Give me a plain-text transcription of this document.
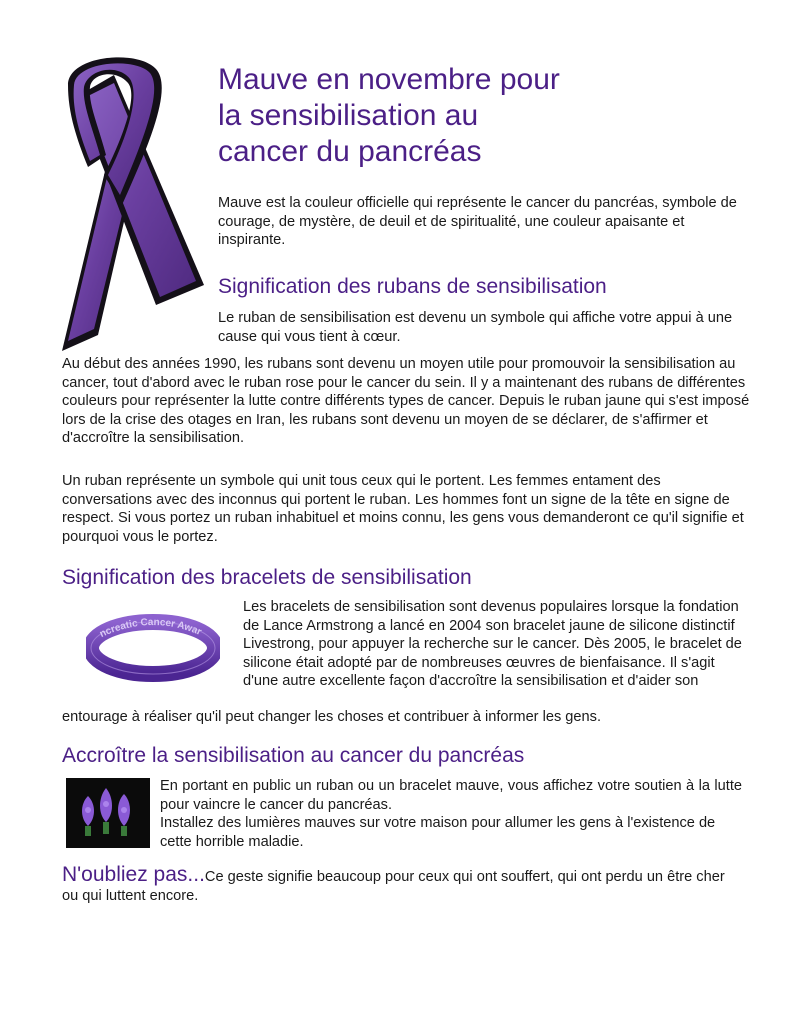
Mauve en novembre pour
la sensibilisation au
cancer du pancréas

Mauve est la couleur officielle qui représente le cancer du pancréas, symbole de courage, de mystère, de deuil et de spiritualité, une couleur apaisante et inspirante.

Signification des rubans de sensibilisation

Le ruban de sensibilisation est devenu un symbole qui affiche votre appui à une cause qui vous tient à cœur.

Au début des années 1990, les rubans sont devenu un moyen utile pour promouvoir la sensibilisation au cancer, tout d'abord avec le ruban rose pour le cancer du sein. Il y a maintenant des rubans de différentes couleurs pour représenter la lutte contre différents types de cancer. Depuis le ruban jaune qui s'est imposé lors de la crise des otages en Iran, les rubans sont devenu un moyen de se déclarer, de s'affirmer et d'accroître la sensibilisation.

Un ruban représente un symbole qui unit tous ceux qui le portent. Les femmes entament des conversations avec des inconnus qui portent le ruban. Les hommes font un signe de la tête en signe de respect. Si vous portez un ruban inhabituel et moins connu, les gens vous demanderont ce qu'il signifie et pourquoi vous le portez.

Signification des bracelets de sensibilisation
ncreatic Cancer Awar

Les bracelets de sensibilisation sont devenus populaires lorsque la fondation de Lance Armstrong a lancé en 2004 son bracelet jaune de silicone distinctif Livestrong, pour appuyer la recherche sur le cancer. Dès 2005, le bracelet de silicone était adopté par de nombreuses œuvres de bienfaisance. Il s'agit d'une autre excellente façon d'accroître la sensibilisation et d'aider son

entourage à réaliser qu'il peut changer les choses et contribuer à informer les gens.

Accroître la sensibilisation au cancer du pancréas

En portant en public un ruban ou un bracelet mauve, vous affichez votre soutien à la lutte pour vaincre le cancer du pancréas.

Installez des lumières mauves sur votre maison pour allumer les gens à l'existence de cette horrible maladie.

N'oubliez pas...Ce geste signifie beaucoup pour ceux qui ont souffert, qui ont perdu un être cher ou qui luttent encore.
